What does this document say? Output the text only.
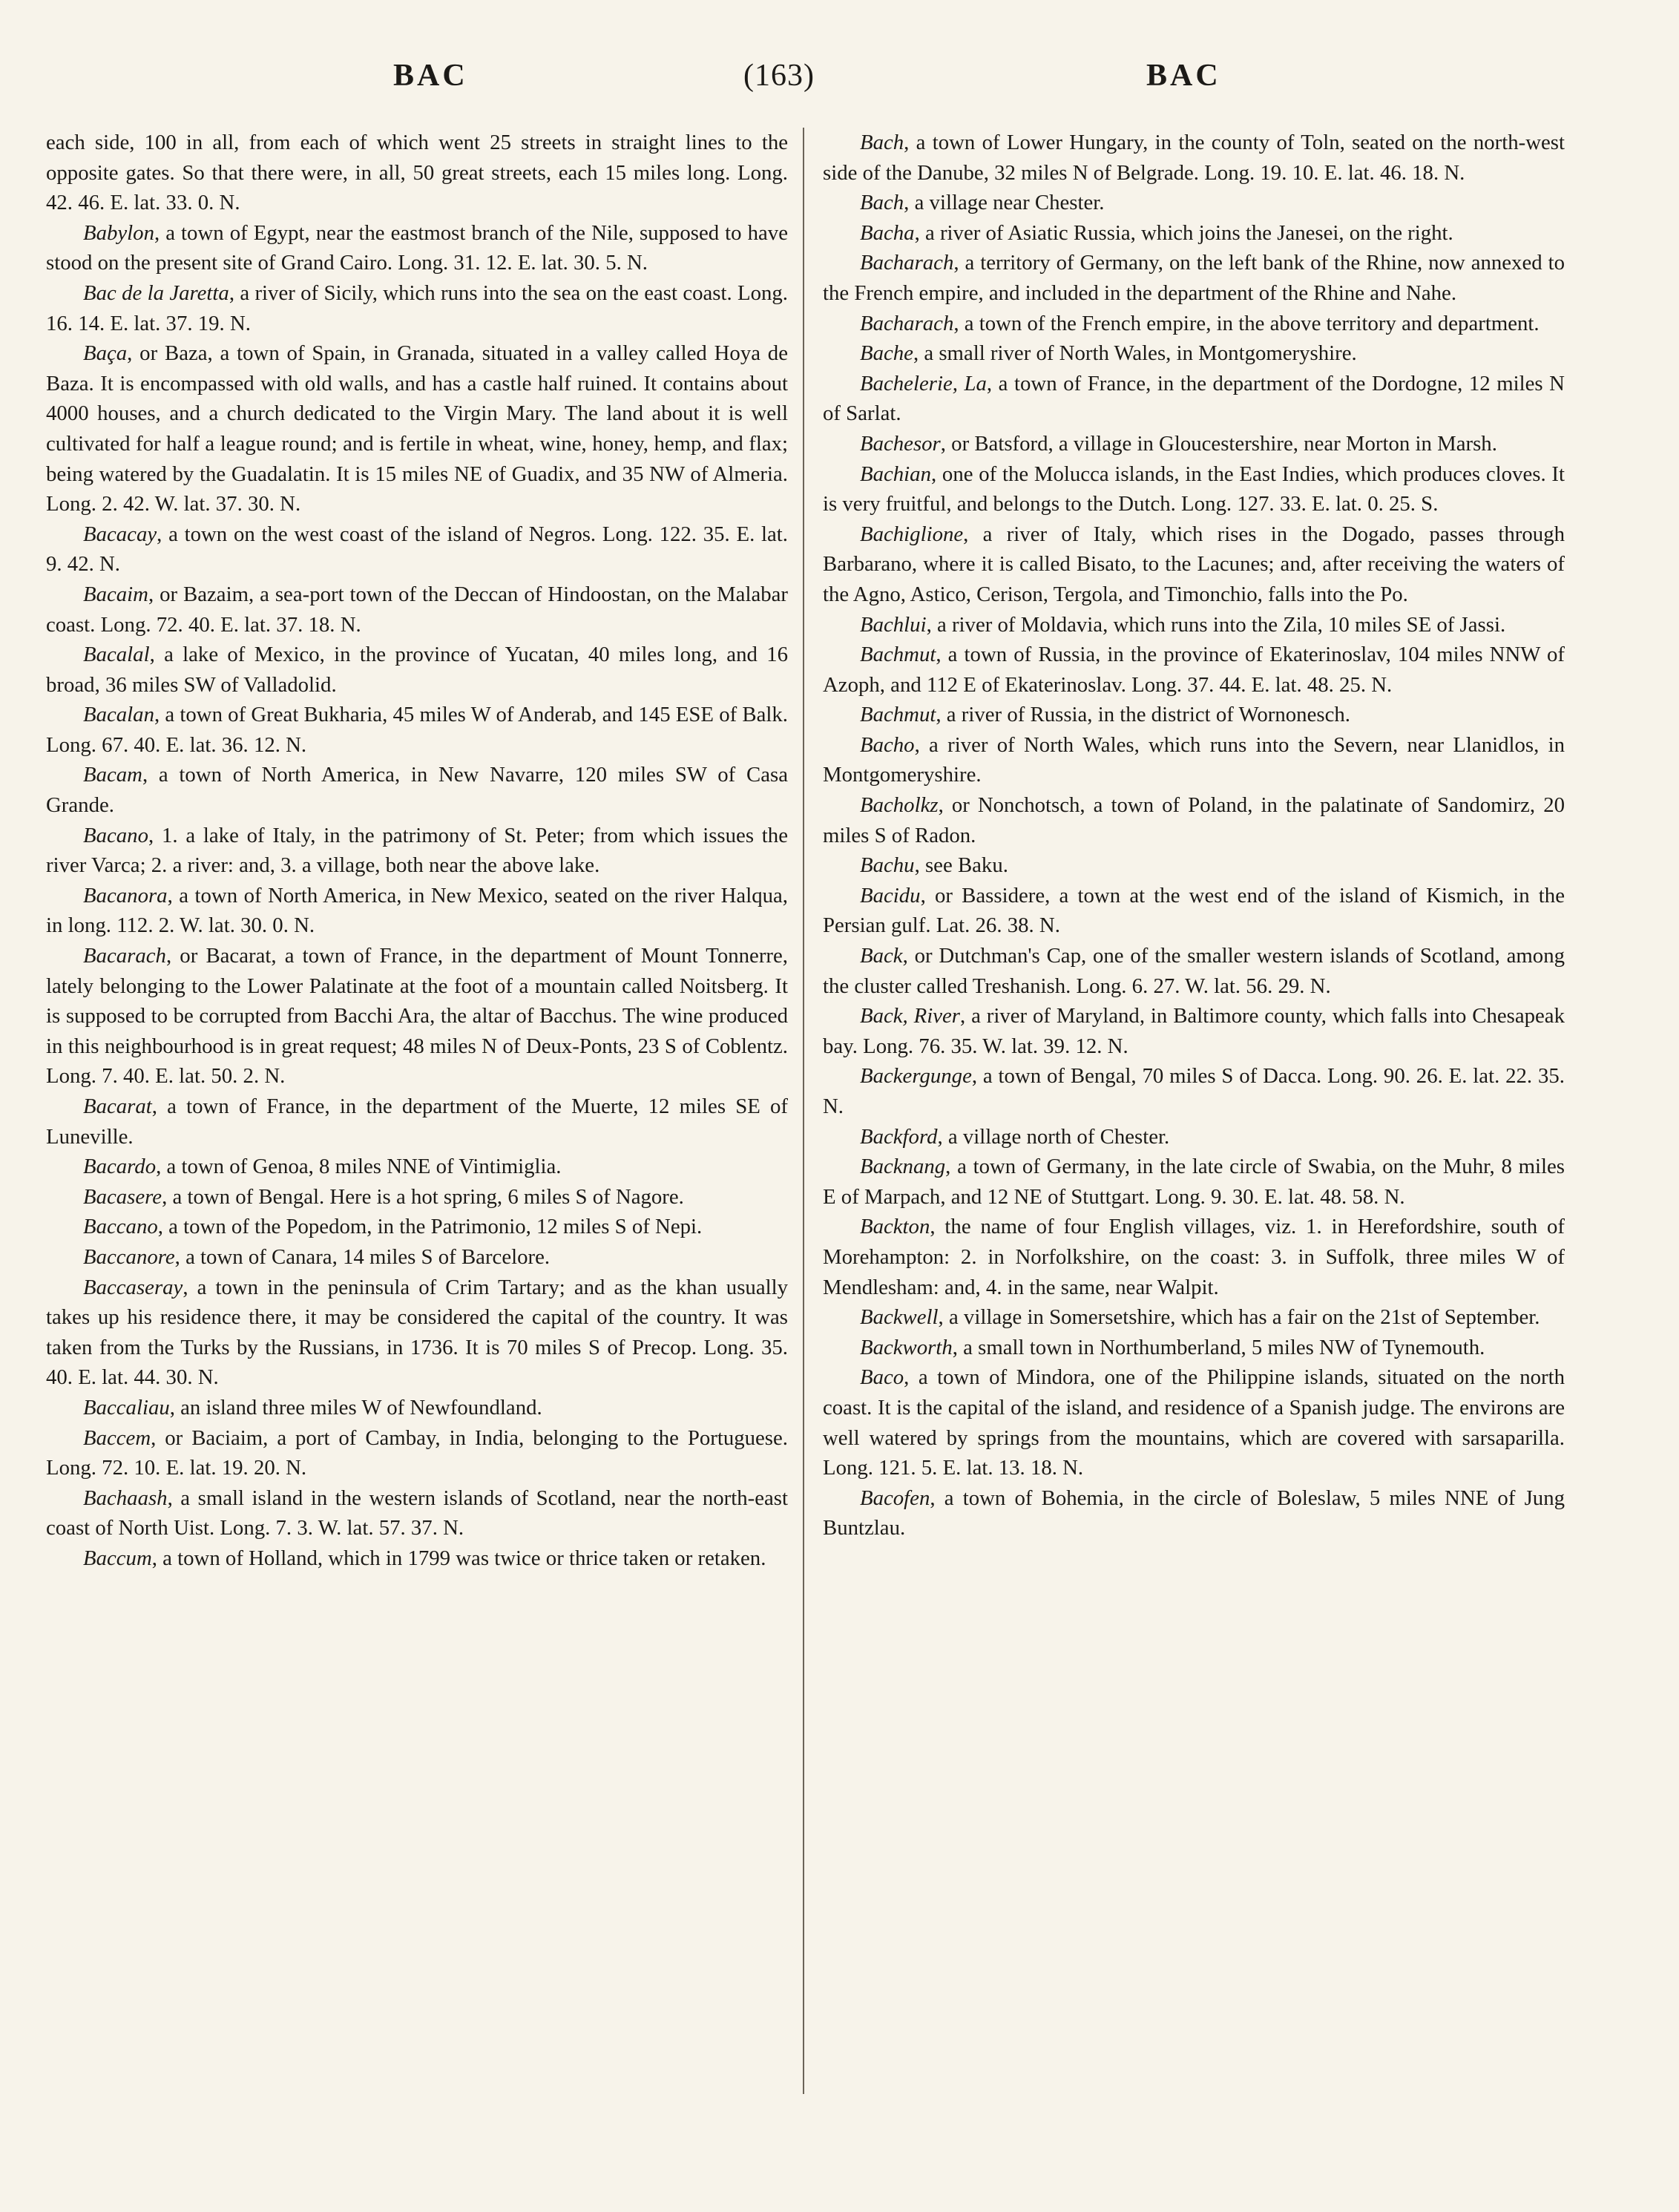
BAC	(163)	BAC

each side, 100 in all, from each of which went 25 streets in straight lines to the opposite gates. So that there were, in all, 50 great streets, each 15 miles long. Long. 42. 46. E. lat. 33. 0. N.

Babylon, a town of Egypt, near the eastmost branch of the Nile, supposed to have stood on the present site of Grand Cairo. Long. 31. 12. E. lat. 30. 5. N.

Bac de la Jaretta, a river of Sicily, which runs into the sea on the east coast. Long. 16. 14. E. lat. 37. 19. N.

Baça, or Baza, a town of Spain, in Granada, situated in a valley called Hoya de Baza. It is encompassed with old walls, and has a castle half ruined. It contains about 4000 houses, and a church dedicated to the Virgin Mary. The land about it is well cultivated for half a league round; and is fertile in wheat, wine, honey, hemp, and flax; being watered by the Guadalatin. It is 15 miles NE of Guadix, and 35 NW of Almeria. Long. 2. 42. W. lat. 37. 30. N.

Bacacay, a town on the west coast of the island of Negros. Long. 122. 35. E. lat. 9. 42. N.

Bacaim, or Bazaim, a sea-port town of the Deccan of Hindoostan, on the Malabar coast. Long. 72. 40. E. lat. 37. 18. N.

Bacalal, a lake of Mexico, in the province of Yucatan, 40 miles long, and 16 broad, 36 miles SW of Valladolid.

Bacalan, a town of Great Bukharia, 45 miles W of Anderab, and 145 ESE of Balk. Long. 67. 40. E. lat. 36. 12. N.

Bacam, a town of North America, in New Navarre, 120 miles SW of Casa Grande.

Bacano, 1. a lake of Italy, in the patrimony of St. Peter; from which issues the river Varca; 2. a river: and, 3. a village, both near the above lake.

Bacanora, a town of North America, in New Mexico, seated on the river Halqua, in long. 112. 2. W. lat. 30. 0. N.

Bacarach, or Bacarat, a town of France, in the department of Mount Tonnerre, lately belonging to the Lower Palatinate at the foot of a mountain called Noitsberg. It is supposed to be corrupted from Bacchi Ara, the altar of Bacchus. The wine produced in this neighbourhood is in great request; 48 miles N of Deux-Ponts, 23 S of Coblentz. Long. 7. 40. E. lat. 50. 2. N.

Bacarat, a town of France, in the department of the Muerte, 12 miles SE of Luneville.

Bacardo, a town of Genoa, 8 miles NNE of Vintimiglia.

Bacasere, a town of Bengal. Here is a hot spring, 6 miles S of Nagore.

Baccano, a town of the Popedom, in the Patrimonio, 12 miles S of Nepi.

Baccanore, a town of Canara, 14 miles S of Barcelore.

Baccaseray, a town in the peninsula of Crim Tartary; and as the khan usually takes up his residence there, it may be considered the capital of the country. It was taken from the Turks by the Russians, in 1736. It is 70 miles S of Precop. Long. 35. 40. E. lat. 44. 30. N.

Baccaliau, an island three miles W of Newfoundland.

Baccem, or Baciaim, a port of Cambay, in India, belonging to the Portuguese. Long. 72. 10. E. lat. 19. 20. N.

Bachaash, a small island in the western islands of Scotland, near the north-east coast of North Uist. Long. 7. 3. W. lat. 57. 37. N.

Baccum, a town of Holland, which in 1799 was twice or thrice taken or retaken.

Bach, a town of Lower Hungary, in the county of Toln, seated on the north-west side of the Danube, 32 miles N of Belgrade. Long. 19. 10. E. lat. 46. 18. N.

Bach, a village near Chester.

Bacha, a river of Asiatic Russia, which joins the Janesei, on the right.

Bacharach, a territory of Germany, on the left bank of the Rhine, now annexed to the French empire, and included in the department of the Rhine and Nahe.

Bacharach, a town of the French empire, in the above territory and department.

Bache, a small river of North Wales, in Montgomeryshire.

Bachelerie, La, a town of France, in the department of the Dordogne, 12 miles N of Sarlat.

Bachesor, or Batsford, a village in Gloucestershire, near Morton in Marsh.

Bachian, one of the Molucca islands, in the East Indies, which produces cloves. It is very fruitful, and belongs to the Dutch. Long. 127. 33. E. lat. 0. 25. S.

Bachiglione, a river of Italy, which rises in the Dogado, passes through Barbarano, where it is called Bisato, to the Lacunes; and, after receiving the waters of the Agno, Astico, Cerison, Tergola, and Timonchio, falls into the Po.

Bachlui, a river of Moldavia, which runs into the Zila, 10 miles SE of Jassi.

Bachmut, a town of Russia, in the province of Ekaterinoslav, 104 miles NNW of Azoph, and 112 E of Ekaterinoslav. Long. 37. 44. E. lat. 48. 25. N.

Bachmut, a river of Russia, in the district of Wornonesch.

Bacho, a river of North Wales, which runs into the Severn, near Llanidlos, in Montgomeryshire.

Bacholkz, or Nonchotsch, a town of Poland, in the palatinate of Sandomirz, 20 miles S of Radon.

Bachu, see Baku.

Bacidu, or Bassidere, a town at the west end of the island of Kismich, in the Persian gulf. Lat. 26. 38. N.

Back, or Dutchman's Cap, one of the smaller western islands of Scotland, among the cluster called Treshanish. Long. 6. 27. W. lat. 56. 29. N.

Back, River, a river of Maryland, in Baltimore county, which falls into Chesapeak bay. Long. 76. 35. W. lat. 39. 12. N.

Backergunge, a town of Bengal, 70 miles S of Dacca. Long. 90. 26. E. lat. 22. 35. N.

Backford, a village north of Chester.

Backnang, a town of Germany, in the late circle of Swabia, on the Muhr, 8 miles E of Marpach, and 12 NE of Stuttgart. Long. 9. 30. E. lat. 48. 58. N.

Backton, the name of four English villages, viz. 1. in Herefordshire, south of Morehampton: 2. in Norfolkshire, on the coast: 3. in Suffolk, three miles W of Mendlesham: and, 4. in the same, near Walpit.

Backwell, a village in Somersetshire, which has a fair on the 21st of September.

Backworth, a small town in Northumberland, 5 miles NW of Tynemouth.

Baco, a town of Mindora, one of the Philippine islands, situated on the north coast. It is the capital of the island, and residence of a Spanish judge. The environs are well watered by springs from the mountains, which are covered with sarsaparilla. Long. 121. 5. E. lat. 13. 18. N.

Bacofen, a town of Bohemia, in the circle of Boleslaw, 5 miles NNE of Jung Buntzlau.
